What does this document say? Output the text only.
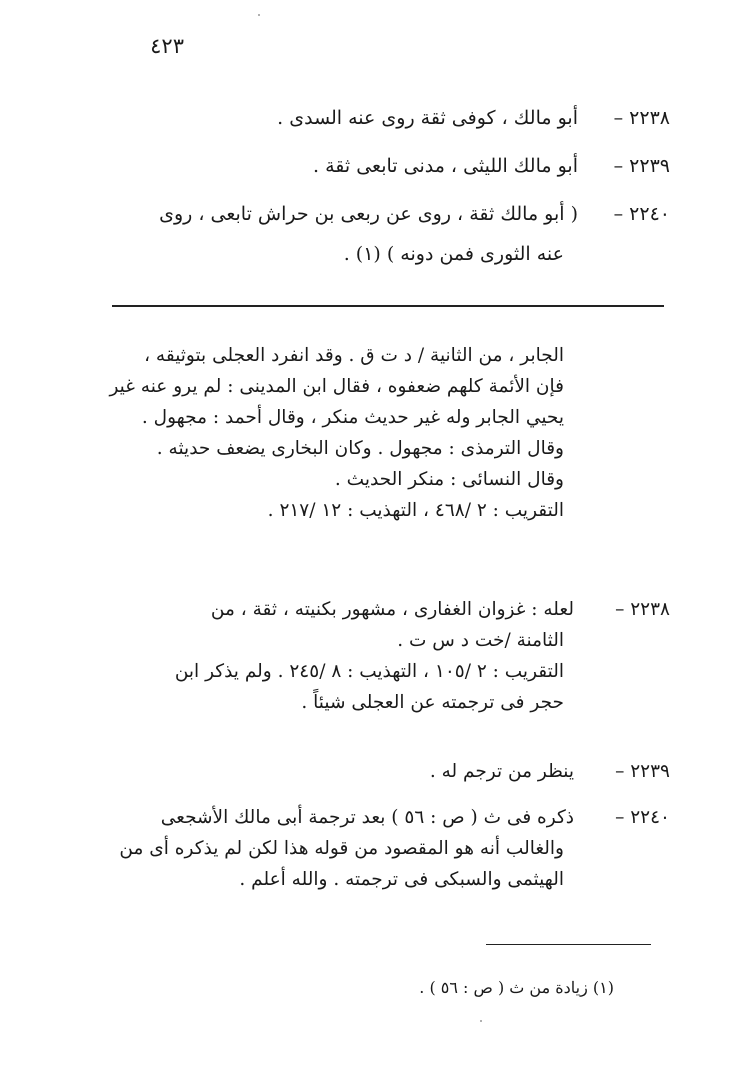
٤٢٣
٢٢٣٨ –أبو مالك ، كوفى ثقة روى عنه السدى .
٢٢٣٩ –أبو مالك الليثى ، مدنى تابعى ثقة .
٢٢٤٠ –( أبو مالك ثقة ، روى عن ربعى بن حراش تابعى ، روى
عنه الثورى فمن دونه ) (١) .
الجابر ، من الثانية / د ت ق . وقد انفرد العجلى بتوثيقه ،
فإن الأئمة كلهم ضعفوه ، فقال ابن المدينى : لم يرو عنه غير
يحيي الجابر وله غير حديث منكر ، وقال أحمد : مجهول .
وقال الترمذى : مجهول . وكان البخارى يضعف حديثه .
وقال النسائى : منكر الحديث .
التقريب : ٢ /٤٦٨ ، التهذيب : ١٢ /٢١٧ .
٢٢٣٨ –لعله : غزوان الغفارى ، مشهور بكنيته ، ثقة ، من
الثامنة /خت د س ت .
التقريب : ٢ /١٠٥ ، التهذيب : ٨ /٢٤٥ . ولم يذكر ابن
حجر فى ترجمته عن العجلى شيئاً .
٢٢٣٩ –ينظر من ترجم له .
٢٢٤٠ –ذكره فى ث ( ص : ٥٦ ) بعد ترجمة أبى مالك الأشجعى
والغالب أنه هو المقصود من قوله هذا لكن لم يذكره أى من
الهيثمى والسبكى فى ترجمته . والله أعلم .
(١) زيادة من ث ( ص : ٥٦ ) .
